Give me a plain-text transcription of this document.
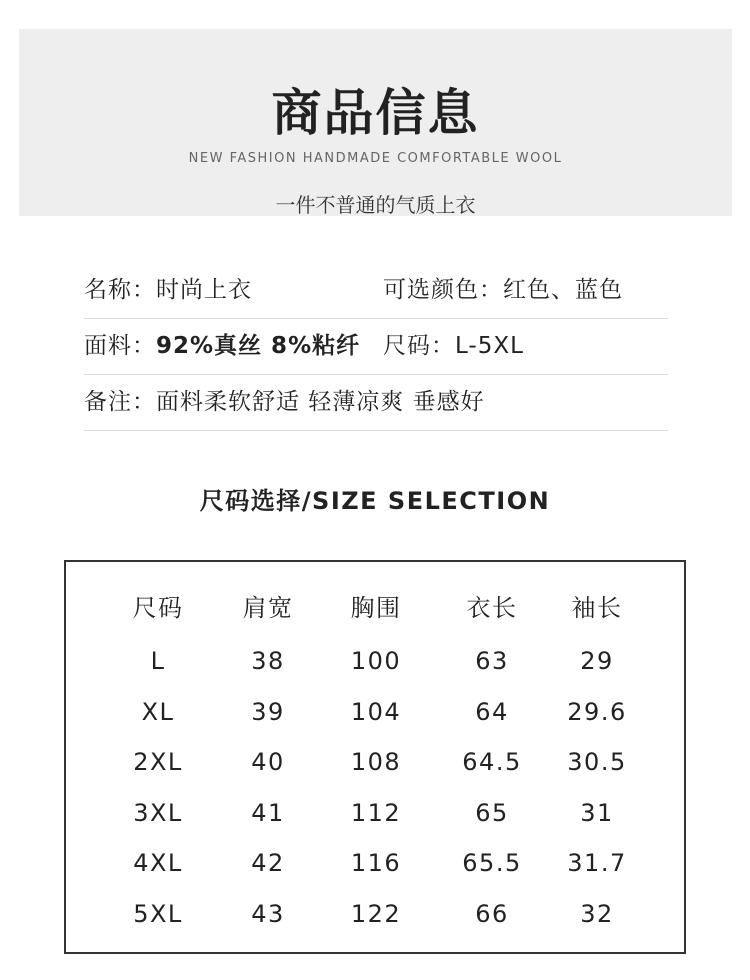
商品信息
NEW FASHION HANDMADE COMFORTABLE WOOL
一件不普通的气质上衣
名称：时尚上衣	可选颜色：红色、蓝色
面料：92%真丝 8%粘纤 尺码：L-5XL
备注：面料柔软舒适 轻薄凉爽 垂感好
尺码选择/SIZE SELECTION
尺码	肩宽	胸围	衣长	袖长
L	38	100	63	29
XL	39	104	64	29.6
2XL	40	108	64.5	30.5
3XL	41	112	65	31
4XL	42	116	65.5	31.7
5XL	43	122	66	32
